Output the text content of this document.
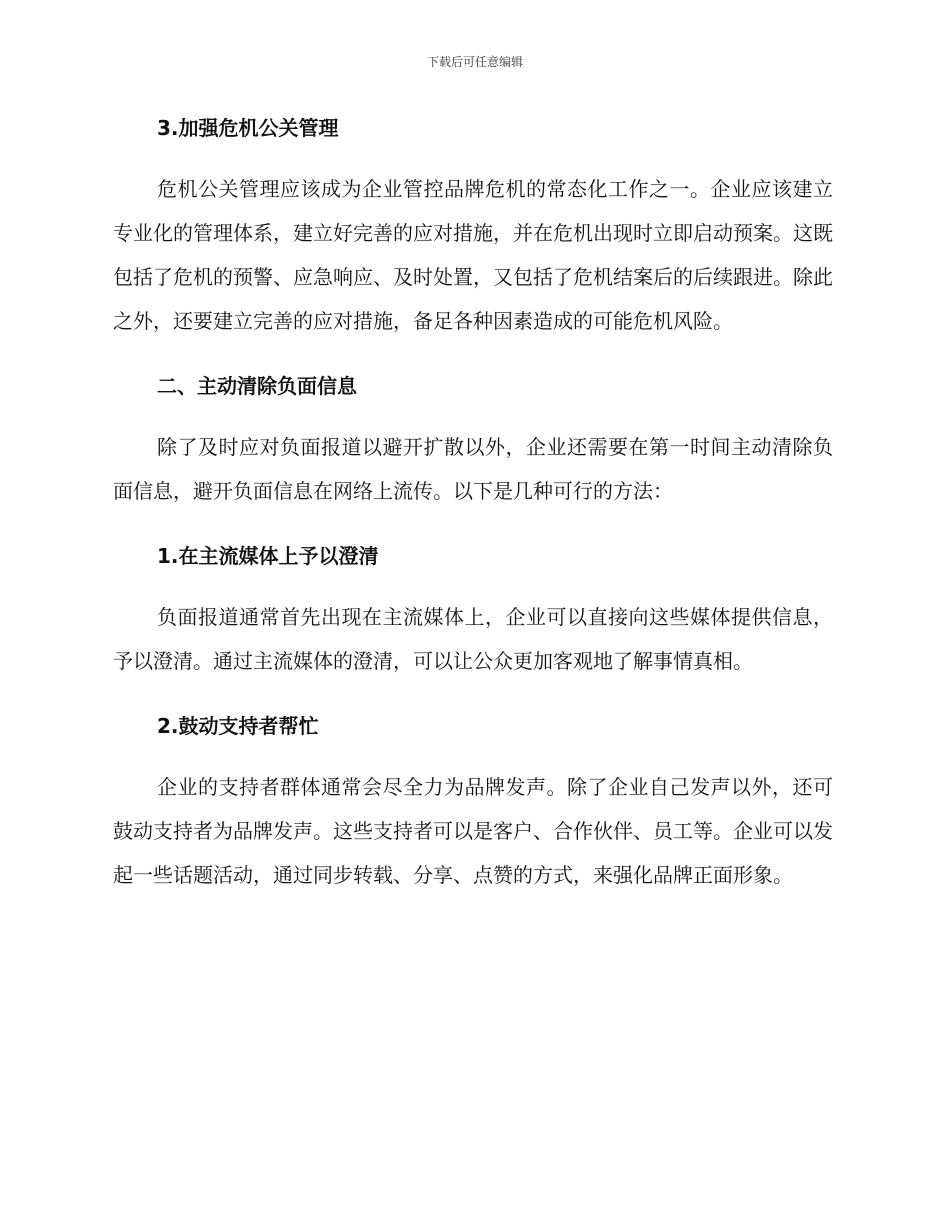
下载后可任意编辑
3.加强危机公关管理

危机公关管理应该成为企业管控品牌危机的常态化工作之一。企业应该建立专业化的管理体系，建立好完善的应对措施，并在危机出现时立即启动预案。这既包括了危机的预警、应急响应、及时处置，又包括了危机结案后的后续跟进。除此之外，还要建立完善的应对措施，备足各种因素造成的可能危机风险。

二、主动清除负面信息

除了及时应对负面报道以避开扩散以外，企业还需要在第一时间主动清除负面信息，避开负面信息在网络上流传。以下是几种可行的方法：

1.在主流媒体上予以澄清

负面报道通常首先出现在主流媒体上，企业可以直接向这些媒体提供信息，予以澄清。通过主流媒体的澄清，可以让公众更加客观地了解事情真相。

2.鼓动支持者帮忙

企业的支持者群体通常会尽全力为品牌发声。除了企业自己发声以外，还可鼓动支持者为品牌发声。这些支持者可以是客户、合作伙伴、员工等。企业可以发起一些话题活动，通过同步转载、分享、点赞的方式，来强化品牌正面形象。
